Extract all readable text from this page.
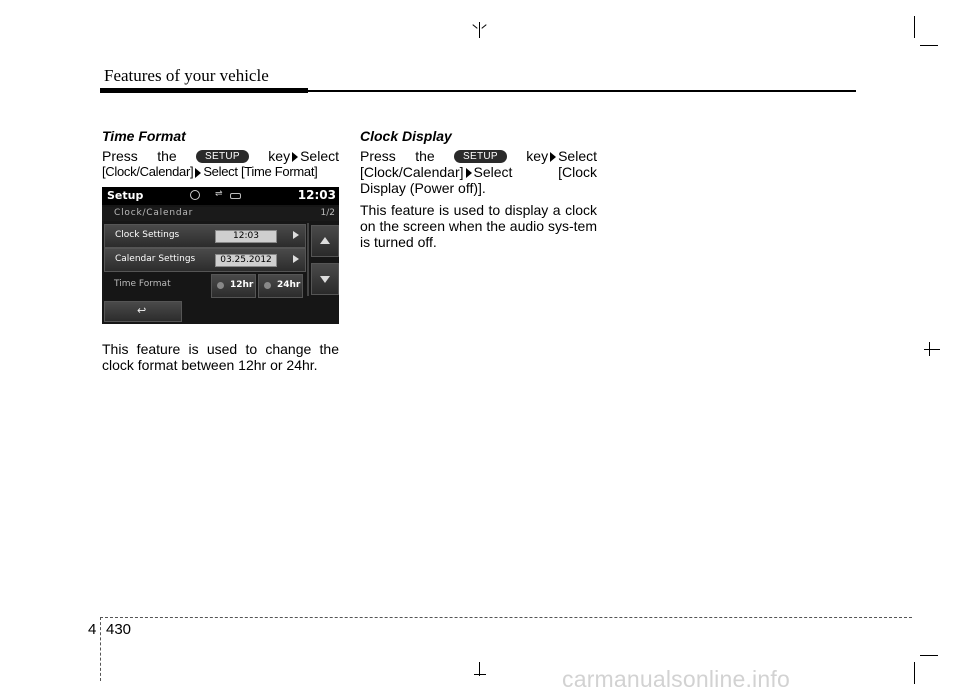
Features of your vehicle
Time Format
Press the	SETUP	key Select
[Clock/Calendar] Select [Time Format]
Setup	⇌	12:03
Clock/Calendar	1/2
Clock Settings	12:03
Calendar Settings	03.25.2012
Time Format	12hr	24hr
↩
This feature is used to change the clock format between 12hr or 24hr.
Clock Display
Press the	SETUP	key Select
[Clock/Calendar] Select	[Clock
Display (Power off)].
This feature is used to display a clock on the screen when the audio sys-tem is turned off.
4 430
carmanualsonline.info
